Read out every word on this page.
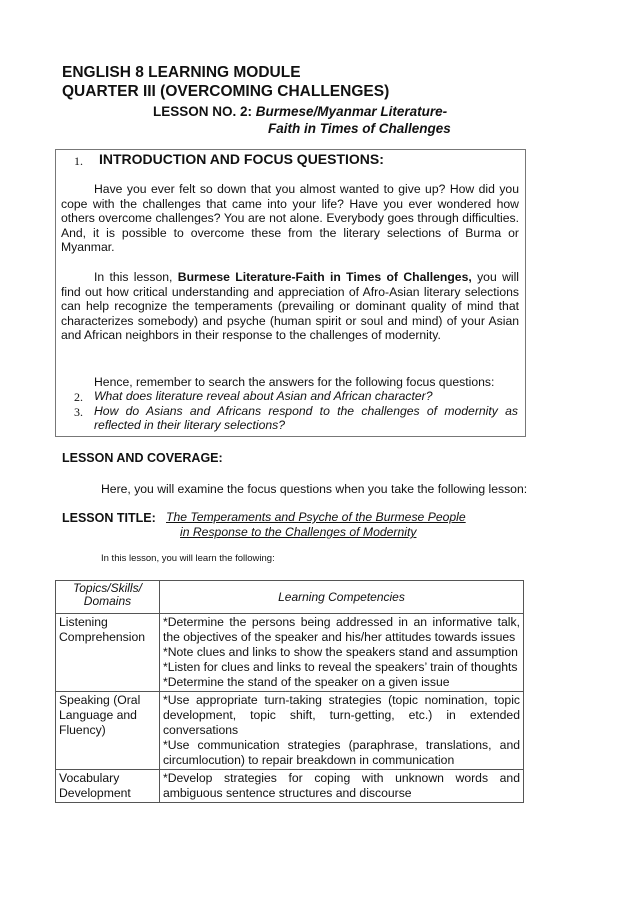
ENGLISH 8 LEARNING MODULE
QUARTER III (OVERCOMING CHALLENGES)
LESSON NO. 2: Burmese/Myanmar Literature-
Faith in Times of Challenges
1. INTRODUCTION AND FOCUS QUESTIONS:

Have you ever felt so down that you almost wanted to give up? How did you cope with the challenges that came into your life? Have you ever wondered how others overcome challenges? You are not alone. Everybody goes through difficulties. And, it is possible to overcome these from the literary selections of Burma or Myanmar.

In this lesson, Burmese Literature-Faith in Times of Challenges, you will find out how critical understanding and appreciation of Afro-Asian literary selections can help recognize the temperaments (prevailing or dominant quality of mind that characterizes somebody) and psyche (human spirit or soul and mind) of your Asian and African neighbors in their response to the challenges of modernity.

Hence, remember to search the answers for the following focus questions:
2. What does literature reveal about Asian and African character?
3. How do Asians and Africans respond to the challenges of modernity as reflected in their literary selections?
LESSON AND COVERAGE:
Here, you will examine the focus questions when you take the following lesson:
LESSON TITLE: The Temperaments and Psyche of the Burmese People
in Response to the Challenges of Modernity
In this lesson, you will learn the following:
Topics/Skills/ Domains	Learning Competencies
Listening Comprehension	*Determine the persons being addressed in an informative talk, the objectives of the speaker and his/her attitudes towards issues
*Note clues and links to show the speakers stand and assumption
*Listen for clues and links to reveal the speakers’ train of thoughts
*Determine the stand of the speaker on a given issue

Speaking (Oral Language and Fluency)	*Use appropriate turn-taking strategies (topic nomination, topic development, topic shift, turn-getting, etc.) in extended conversations
*Use communication strategies (paraphrase, translations, and circumlocution) to repair breakdown in communication

Vocabulary Development	*Develop strategies for coping with unknown words and ambiguous sentence structures and discourse
